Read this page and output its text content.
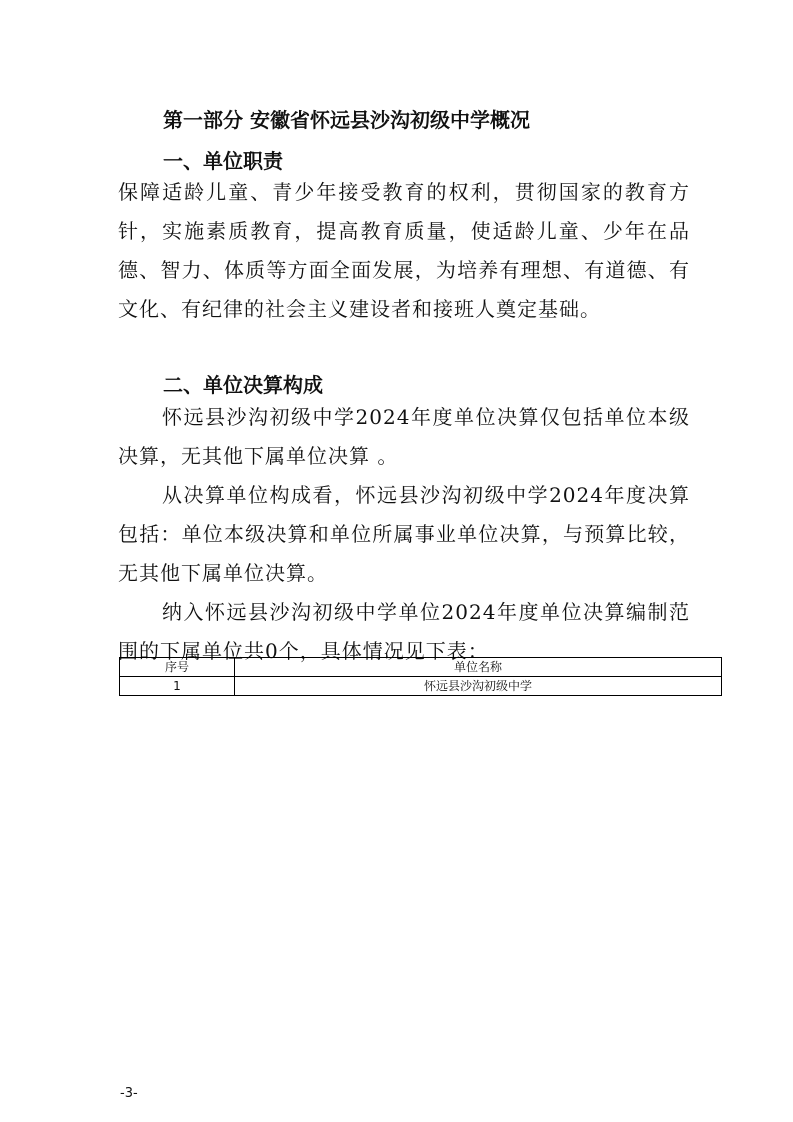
第一部分 安徽省怀远县沙沟初级中学概况
一、单位职责

保障适龄儿童、青少年接受教育的权利，贯彻国家的教育方针，实施素质教育，提高教育质量，使适龄儿童、少年在品德、智力、体质等方面全面发展，为培养有理想、有道德、有文化、有纪律的社会主义建设者和接班人奠定基础。

二、单位决算构成

怀远县沙沟初级中学2024年度单位决算仅包括单位本级决算，无其他下属单位决算 。

从决算单位构成看，怀远县沙沟初级中学2024年度决算包括：单位本级决算和单位所属事业单位决算，与预算比较，无其他下属单位决算。

纳入怀远县沙沟初级中学单位2024年度单位决算编制范围的下属单位共0个，具体情况见下表：

序号	单位名称
1	怀远县沙沟初级中学
-3-
